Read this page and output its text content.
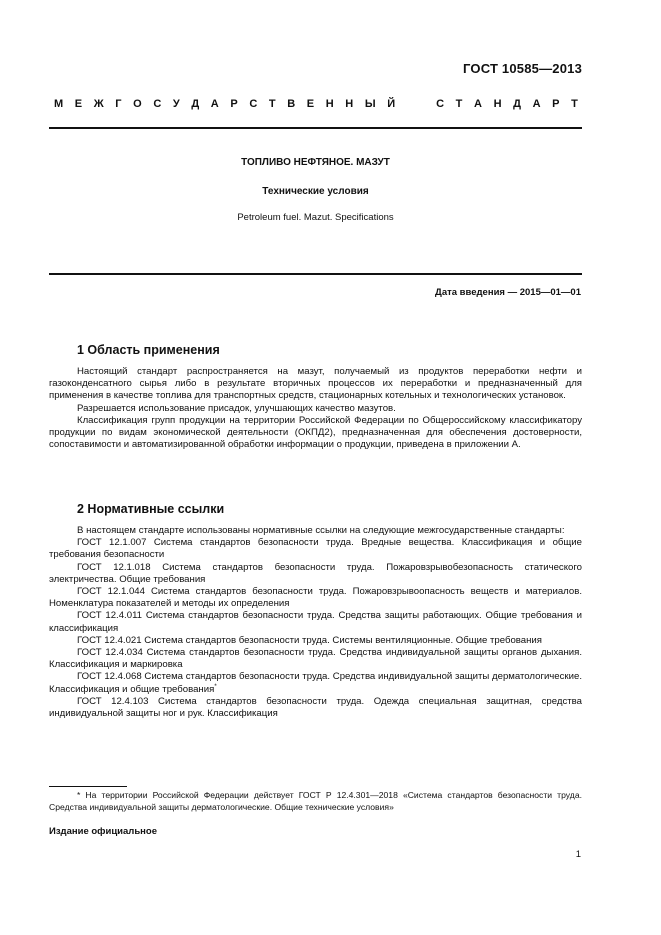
ГОСТ 10585—2013
М Е Ж Г О С У Д А Р С Т В Е Н Н Ы Й

	С Т А Н Д А Р Т
ТОПЛИВО НЕФТЯНОЕ. МАЗУТ
Технические условия
Petroleum fuel. Mazut. Specifications
Дата введения — 2015—01—01
1 Область применения

Настоящий стандарт распространяется на мазут, получаемый из продуктов переработки нефти и газоконденсатного сырья либо в результате вторичных процессов их переработки и предназначенный для применения в качестве топлива для транспортных средств, стационарных котельных и технологических установок.

Разрешается использование присадок, улучшающих качество мазутов.

Классификация групп продукции на территории Российской Федерации по Общероссийскому классификатору продукции по видам экономической деятельности (ОКПД2), предназначенная для обеспечения достоверности, сопоставимости и автоматизированной обработки информации о продукции, приведена в приложении А.

2 Нормативные ссылки

В настоящем стандарте использованы нормативные ссылки на следующие межгосударственные стандарты:

ГОСТ 12.1.007 Система стандартов безопасности труда. Вредные вещества. Классификация и общие требования безопасности

ГОСТ 12.1.018 Система стандартов безопасности труда. Пожаровзрывобезопасность статического электричества. Общие требования

ГОСТ 12.1.044 Система стандартов безопасности труда. Пожаровзрывоопасность веществ и материалов. Номенклатура показателей и методы их определения

ГОСТ 12.4.011 Система стандартов безопасности труда. Средства защиты работающих. Общие требования и классификация

ГОСТ 12.4.021 Система стандартов безопасности труда. Системы вентиляционные. Общие требования

ГОСТ 12.4.034 Система стандартов безопасности труда. Средства индивидуальной защиты органов дыхания. Классификация и маркировка

ГОСТ 12.4.068 Система стандартов безопасности труда. Средства индивидуальной защиты дерматологические. Классификация и общие требования*

ГОСТ 12.4.103 Система стандартов безопасности труда. Одежда специальная защитная, средства индивидуальной защиты ног и рук. Классификация

* На территории Российской Федерации действует ГОСТ Р 12.4.301—2018 «Система стандартов безопасности труда. Средства индивидуальной защиты дерматологические. Общие технические условия»

Издание официальное
1
